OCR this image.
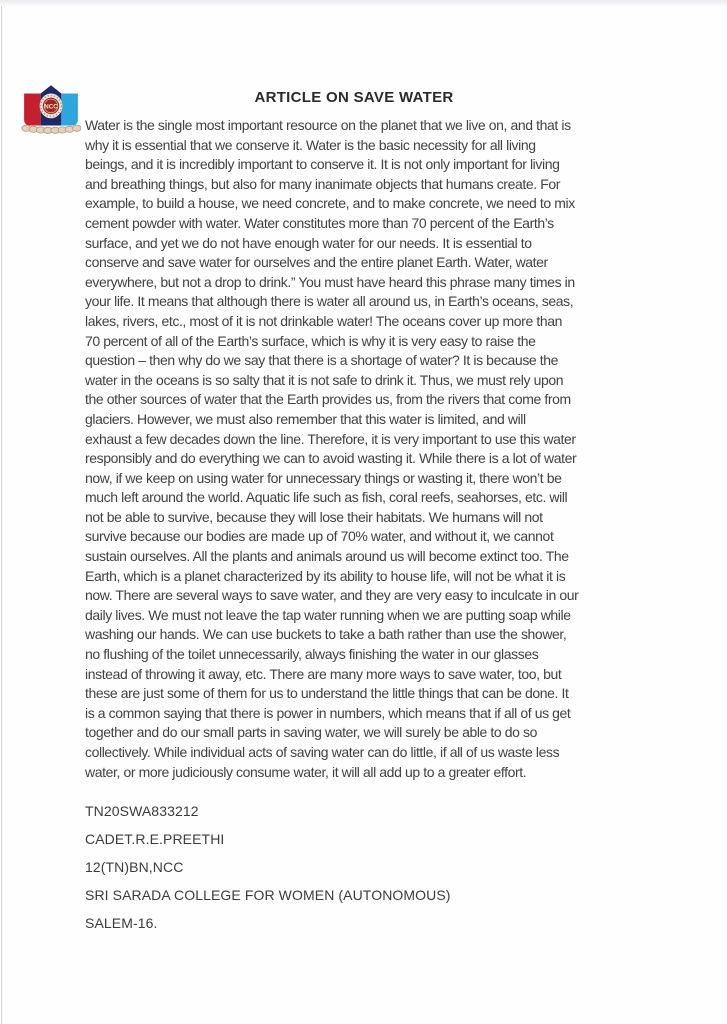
NCC
ARTICLE ON SAVE WATER
Water is the single most important resource on the planet that we live on, and that is
why it is essential that we conserve it. Water is the basic necessity for all living
beings, and it is incredibly important to conserve it. It is not only important for living
and breathing things, but also for many inanimate objects that humans create. For
example, to build a house, we need concrete, and to make concrete, we need to mix
cement powder with water. Water constitutes more than 70 percent of the Earth’s
surface, and yet we do not have enough water for our needs. It is essential to
conserve and save water for ourselves and the entire planet Earth. Water, water
everywhere, but not a drop to drink.” You must have heard this phrase many times in
your life. It means that although there is water all around us, in Earth’s oceans, seas,
lakes, rivers, etc., most of it is not drinkable water! The oceans cover up more than
70 percent of all of the Earth’s surface, which is why it is very easy to raise the
question – then why do we say that there is a shortage of water? It is because the
water in the oceans is so salty that it is not safe to drink it. Thus, we must rely upon
the other sources of water that the Earth provides us, from the rivers that come from
glaciers. However, we must also remember that this water is limited, and will
exhaust a few decades down the line. Therefore, it is very important to use this water
responsibly and do everything we can to avoid wasting it. While there is a lot of water
now, if we keep on using water for unnecessary things or wasting it, there won’t be
much left around the world. Aquatic life such as fish, coral reefs, seahorses, etc. will
not be able to survive, because they will lose their habitats. We humans will not
survive because our bodies are made up of 70% water, and without it, we cannot
sustain ourselves. All the plants and animals around us will become extinct too. The
Earth, which is a planet characterized by its ability to house life, will not be what it is
now. There are several ways to save water, and they are very easy to inculcate in our
daily lives. We must not leave the tap water running when we are putting soap while
washing our hands. We can use buckets to take a bath rather than use the shower,
no flushing of the toilet unnecessarily, always finishing the water in our glasses
instead of throwing it away, etc. There are many more ways to save water, too, but
these are just some of them for us to understand the little things that can be done. It
is a common saying that there is power in numbers, which means that if all of us get
together and do our small parts in saving water, we will surely be able to do so
collectively. While individual acts of saving water can do little, if all of us waste less
water, or more judiciously consume water, it will all add up to a greater effort.
TN20SWA833212
CADET.R.E.PREETHI
12(TN)BN,NCC
SRI SARADA COLLEGE FOR WOMEN (AUTONOMOUS)
SALEM-16.
